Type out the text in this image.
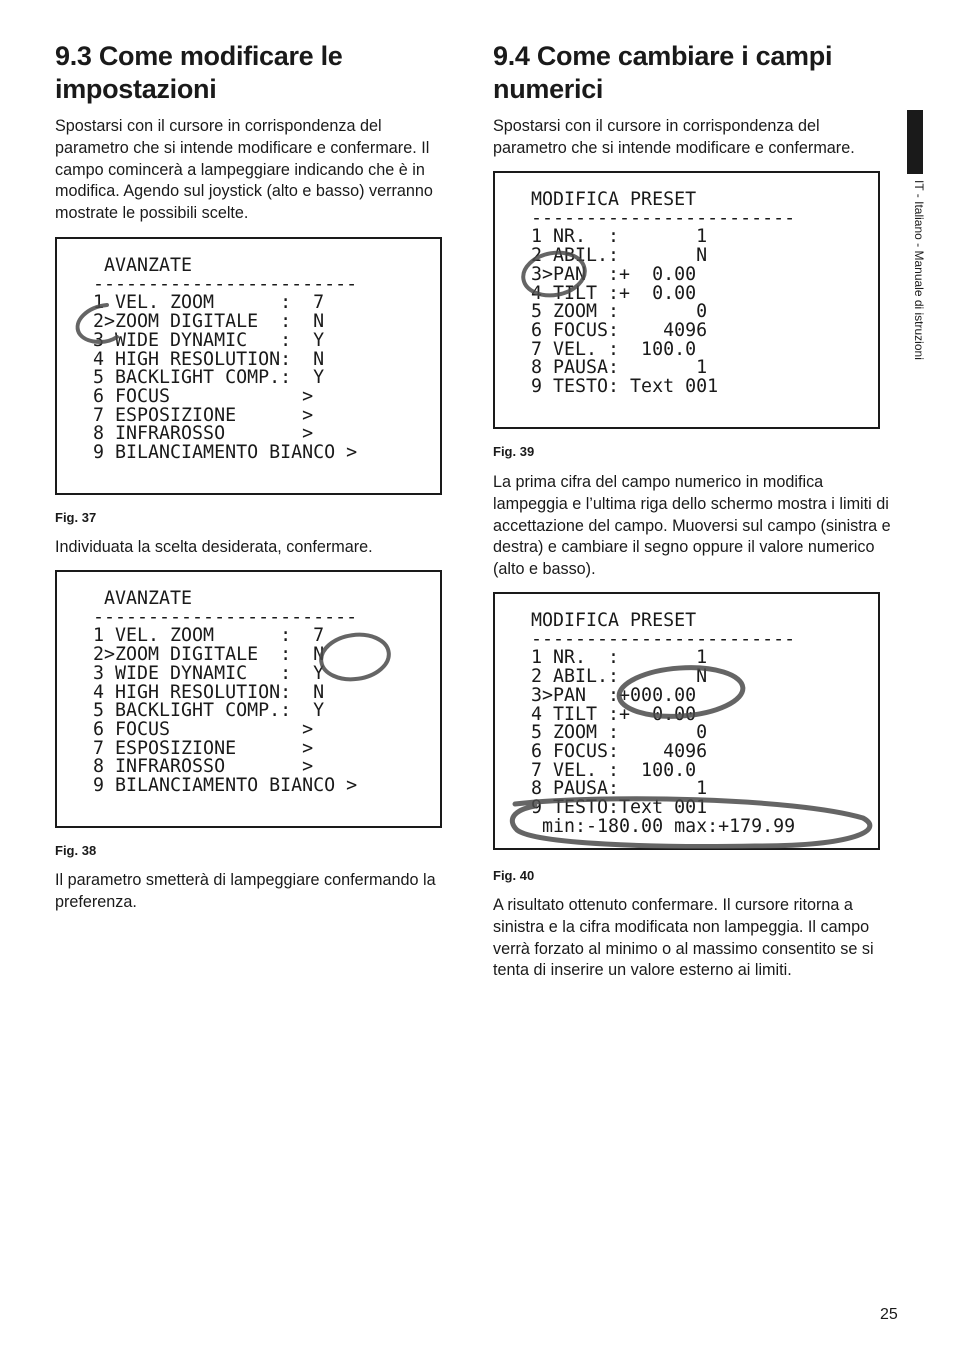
9.3 Come modificare le impostazioni

Spostarsi con il cursore in corrispondenza del parametro che si intende modificare e confermare. Il campo comincerà a lampeggiare indicando che è in modifica. Agendo sul joystick (alto e basso) verranno mostrate le possibili scelte.

AVANZATE
------------------------
1 VEL. ZOOM      :  7
2>ZOOM DIGITALE  :  N
3 WIDE DYNAMIC   :  Y
4 HIGH RESOLUTION:  N
5 BACKLIGHT COMP.:  Y
6 FOCUS            >
7 ESPOSIZIONE      >
8 INFRAROSSO       >
9 BILANCIAMENTO BIANCO >
Fig. 37

Individuata la scelta desiderata, confermare.

AVANZATE
------------------------
1 VEL. ZOOM      :  7
2>ZOOM DIGITALE  :  N
3 WIDE DYNAMIC   :  Y
4 HIGH RESOLUTION:  N
5 BACKLIGHT COMP.:  Y
6 FOCUS            >
7 ESPOSIZIONE      >
8 INFRAROSSO       >
9 BILANCIAMENTO BIANCO >
Fig. 38

Il parametro smetterà di lampeggiare confermando la preferenza.

9.4 Come cambiare i campi numerici

Spostarsi con il cursore in corrispondenza del parametro che si intende modificare e confermare.

MODIFICA PRESET
------------------------
1 NR.  :       1
2 ABIL.:       N
3>PAN  :+  0.00
4 TILT :+  0.00
5 ZOOM :       0
6 FOCUS:    4096
7 VEL. :  100.0
8 PAUSA:       1
9 TESTO: Text 001
Fig. 39

La prima cifra del campo numerico in modifica lampeggia e l’ultima riga dello schermo mostra i limiti di accettazione del campo. Muoversi sul campo (sinistra e destra) e cambiare il segno oppure il valore numerico (alto e basso).

MODIFICA PRESET
------------------------
1 NR.  :       1
2 ABIL.:       N
3>PAN  :+000.00
4 TILT :+  0.00
5 ZOOM :       0
6 FOCUS:    4096
7 VEL. :  100.0
8 PAUSA:       1
9 TESTO:Text 001
min:-180.00 max:+179.99
Fig. 40

A risultato ottenuto confermare. Il cursore ritorna a sinistra e la cifra modificata non lampeggia. Il campo verrà forzato al minimo o al massimo consentito se si tenta di inserire un valore esterno ai limiti.

IT - Italiano - Manuale di istruzioni
25
